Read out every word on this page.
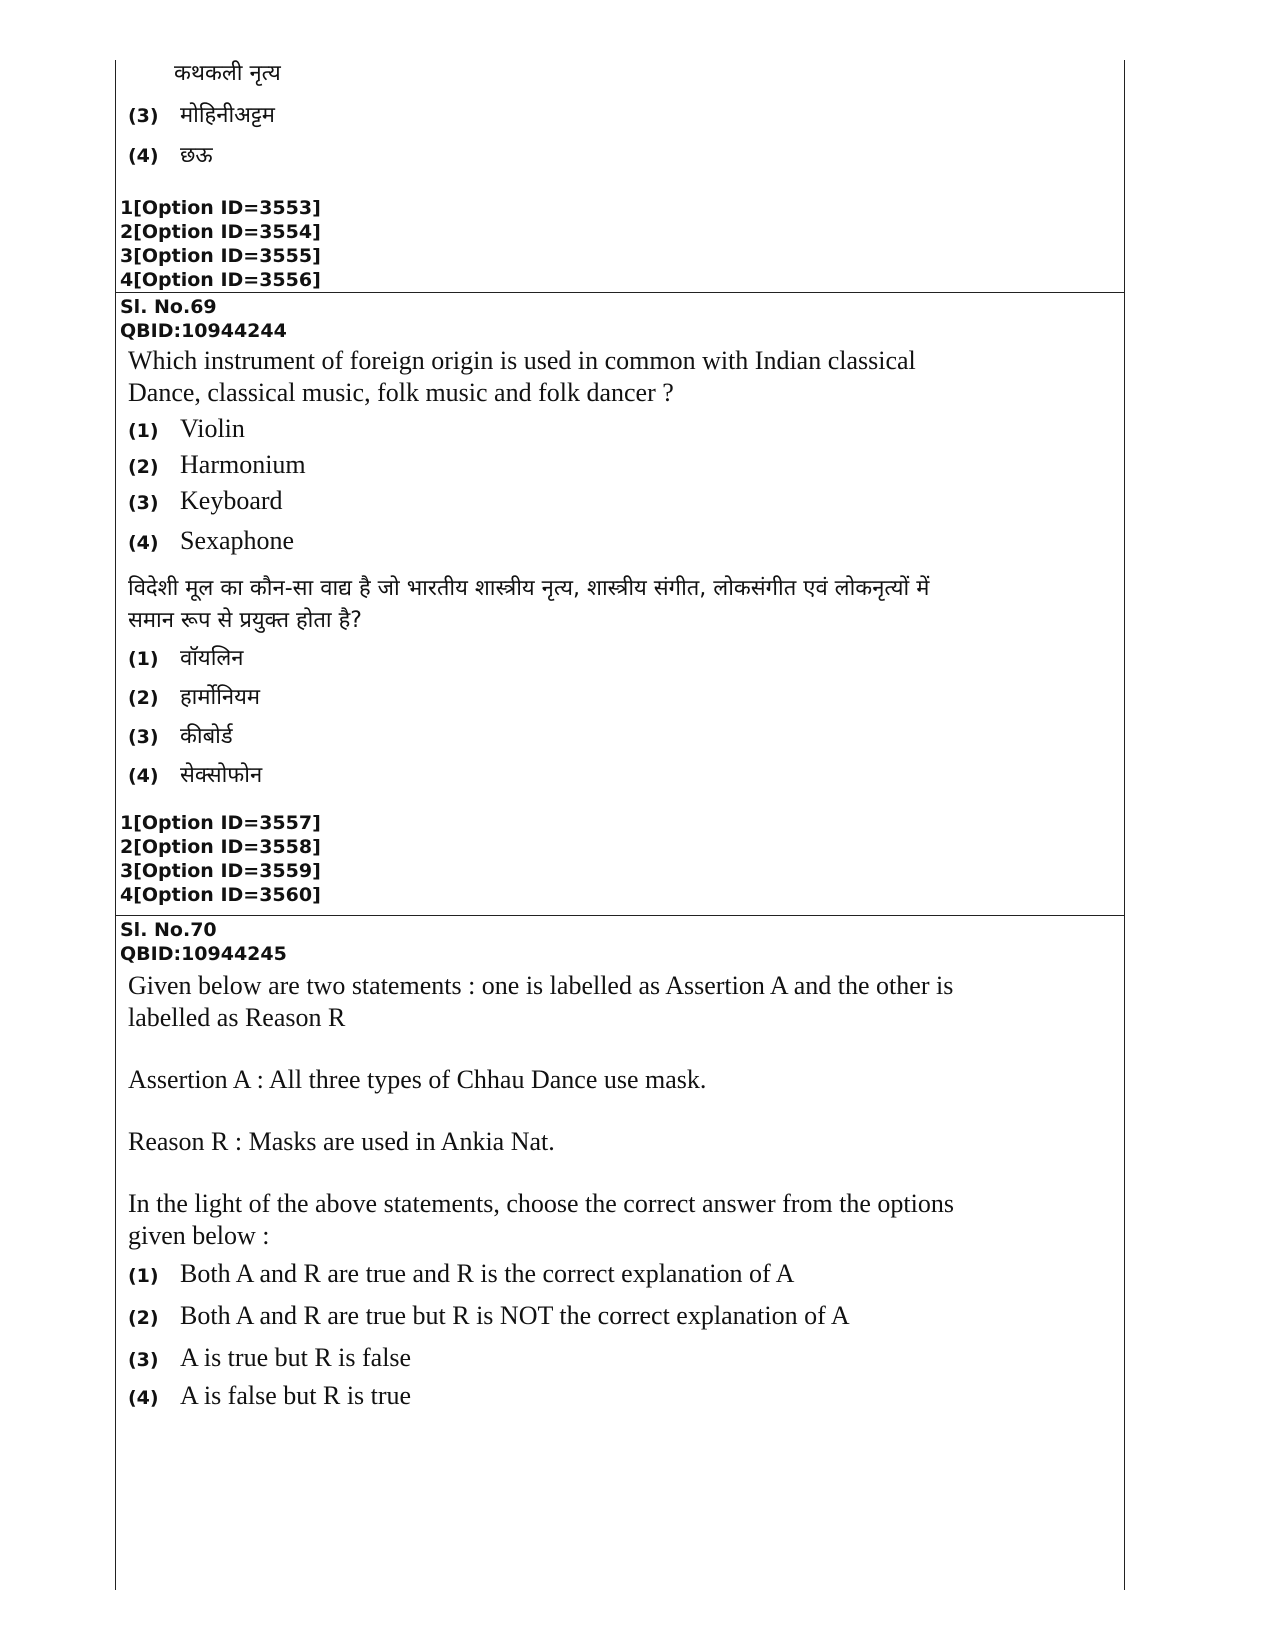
कथकली नृत्य
(3) मोहिनीअट्टम
(4) छऊ
1[Option ID=3553]
2[Option ID=3554]
3[Option ID=3555]
4[Option ID=3556]
Sl. No.69
QBID:10944244
Which instrument of foreign origin is used in common with Indian classical
Dance, classical music, folk music and folk dancer ?
(1) Violin
(2) Harmonium
(3) Keyboard
(4) Sexaphone
विदेशी मूल का कौन-सा वाद्य है जो भारतीय शास्त्रीय नृत्य, शास्त्रीय संगीत, लोकसंगीत एवं लोकनृत्यों में
समान रूप से प्रयुक्त होता है?
(1) वॉयलिन
(2) हार्मोनियम
(3) कीबोर्ड
(4) सेक्सोफोन
1[Option ID=3557]
2[Option ID=3558]
3[Option ID=3559]
4[Option ID=3560]
Sl. No.70
QBID:10944245
Given below are two statements : one is labelled as Assertion A and the other is
labelled as Reason R
Assertion A : All three types of Chhau Dance use mask.
Reason R : Masks are used in Ankia Nat.
In the light of the above statements, choose the correct answer from the options
given below :
(1) Both A and R are true and R is the correct explanation of A
(2) Both A and R are true but R is NOT the correct explanation of A
(3) A is true but R is false
(4) A is false but R is true
